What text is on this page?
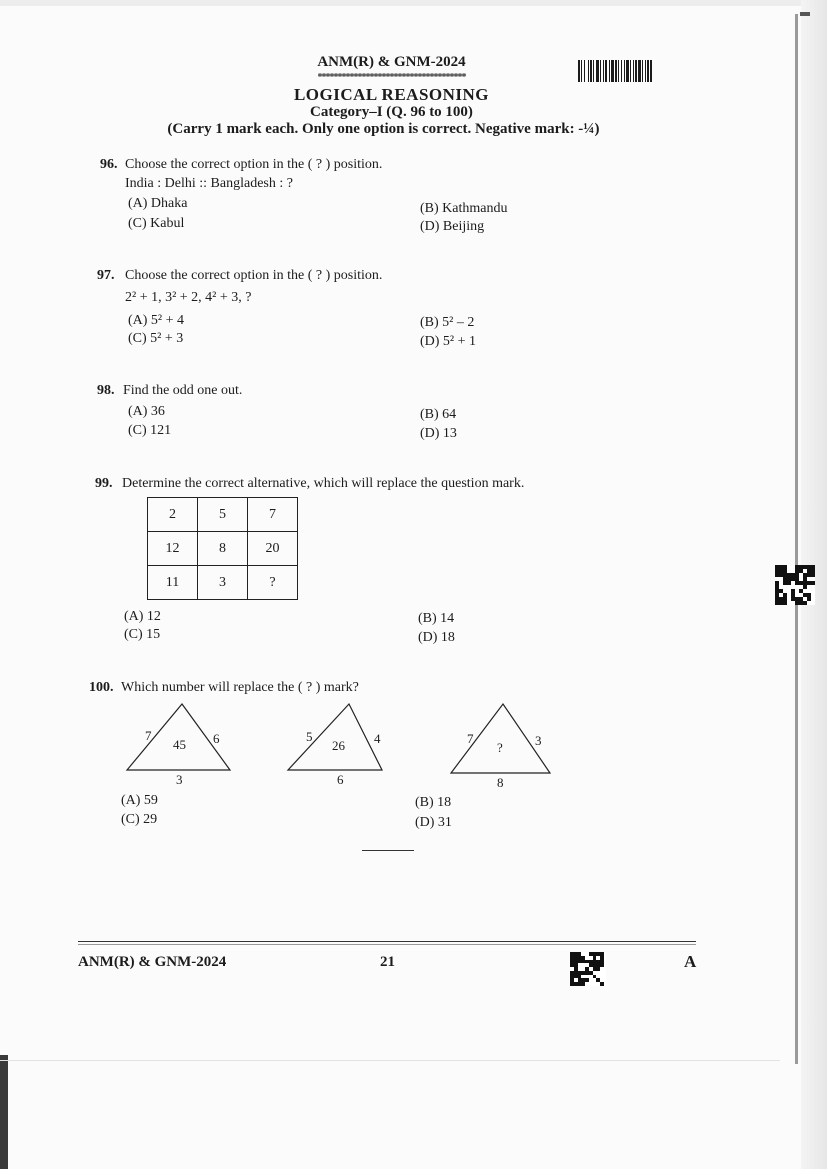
ANM(R) & GNM-2024
*************************************
LOGICAL REASONING
Category–I (Q. 96 to 100)
(Carry 1 mark each. Only one option is correct. Negative mark: -¼)
96. Choose the correct option in the ( ? ) position.
India : Delhi :: Bangladesh : ?
(A) Dhaka	(B) Kathmandu
(C) Kabul	(D) Beijing
97. Choose the correct option in the ( ? ) position.
2² + 1, 3² + 2, 4² + 3, ?
(A) 5² + 4	(B) 5² – 2
(C) 5² + 3	(D) 5² + 1
98. Find the odd one out.
(A) 36	(B) 64
(C) 121	(D) 13
99. Determine the correct alternative, which will replace the question mark.
2	5	7
12	8	20
11	3	?
(A) 12	(B) 14
(C) 15	(D) 18
100. Which number will replace the ( ? ) mark?
7	6
45
3
5	4
26
6
7	3
?
8
(A) 59	(B) 18
(C) 29	(D) 31
ANM(R) & GNM-2024	21	A
